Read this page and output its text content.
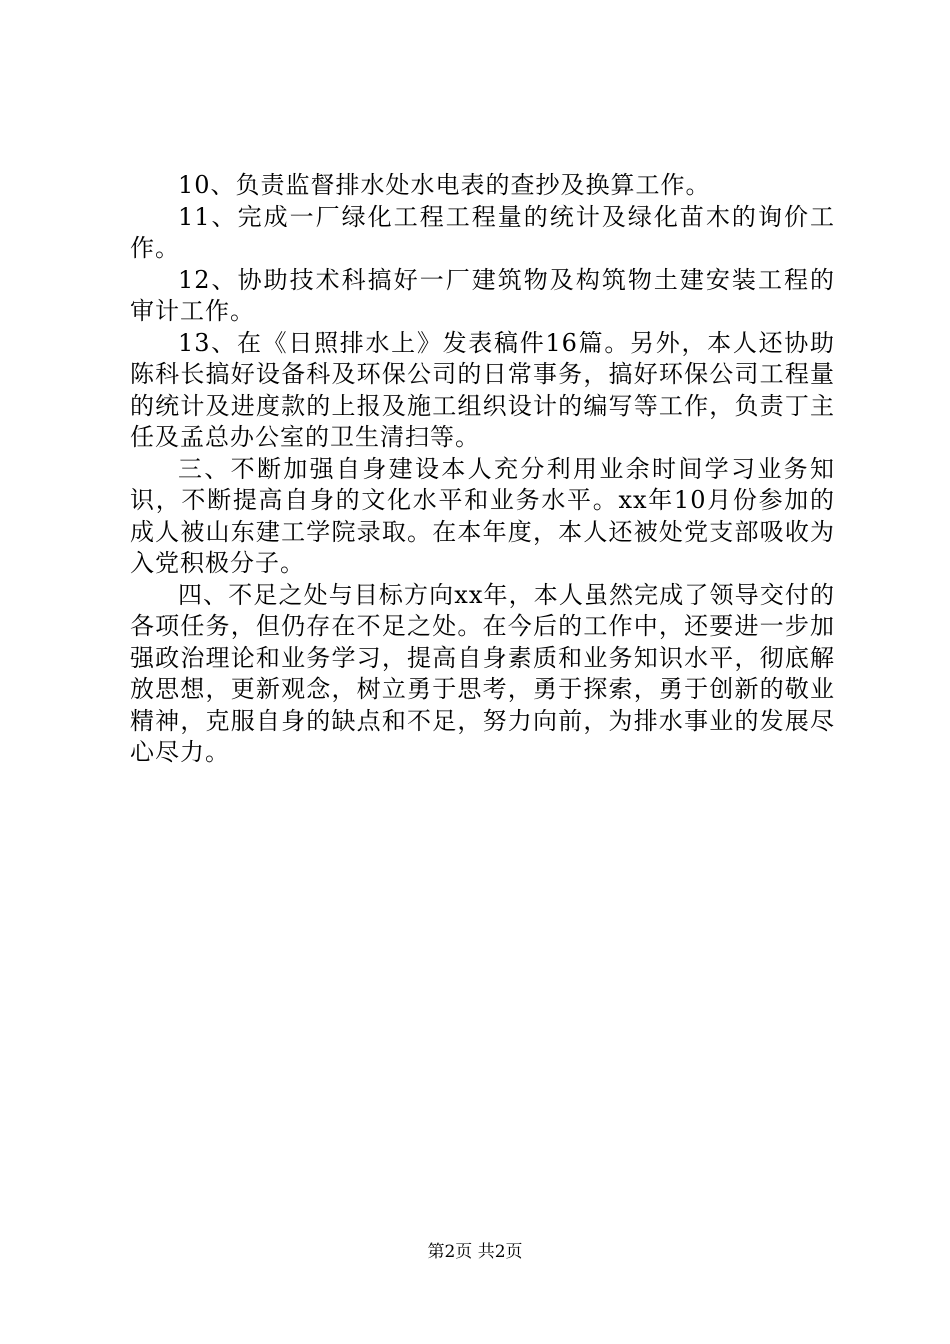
10、负责监督排水处水电表的查抄及换算工作。

11、完成一厂绿化工程工程量的统计及绿化苗木的询价工作。

12、协助技术科搞好一厂建筑物及构筑物土建安装工程的审计工作。

13、在《日照排水上》发表稿件16篇。另外，本人还协助陈科长搞好设备科及环保公司的日常事务，搞好环保公司工程量的统计及进度款的上报及施工组织设计的编写等工作，负责丁主任及孟总办公室的卫生清扫等。

三、不断加强自身建设本人充分利用业余时间学习业务知识，不断提高自身的文化水平和业务水平。xx年10月份参加的成人被山东建工学院录取。在本年度，本人还被处党支部吸收为入党积极分子。

四、不足之处与目标方向xx年，本人虽然完成了领导交付的各项任务，但仍存在不足之处。在今后的工作中，还要进一步加强政治理论和业务学习，提高自身素质和业务知识水平，彻底解放思想，更新观念，树立勇于思考，勇于探索，勇于创新的敬业精神，克服自身的缺点和不足，努力向前，为排水事业的发展尽心尽力。

第2页 共2页
